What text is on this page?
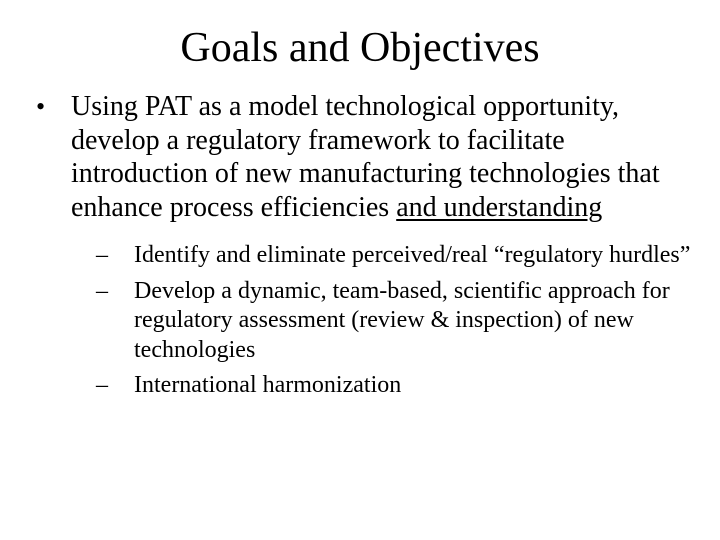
Goals and Objectives

• Using PAT as a model technological opportunity, develop a regulatory framework to facilitate introduction of new manufacturing technologies that enhance process efficiencies and understanding

– Identify and eliminate perceived/real “regulatory hurdles”

– Develop a dynamic, team-based, scientific approach for regulatory assessment (review & inspection) of new technologies

– International harmonization
